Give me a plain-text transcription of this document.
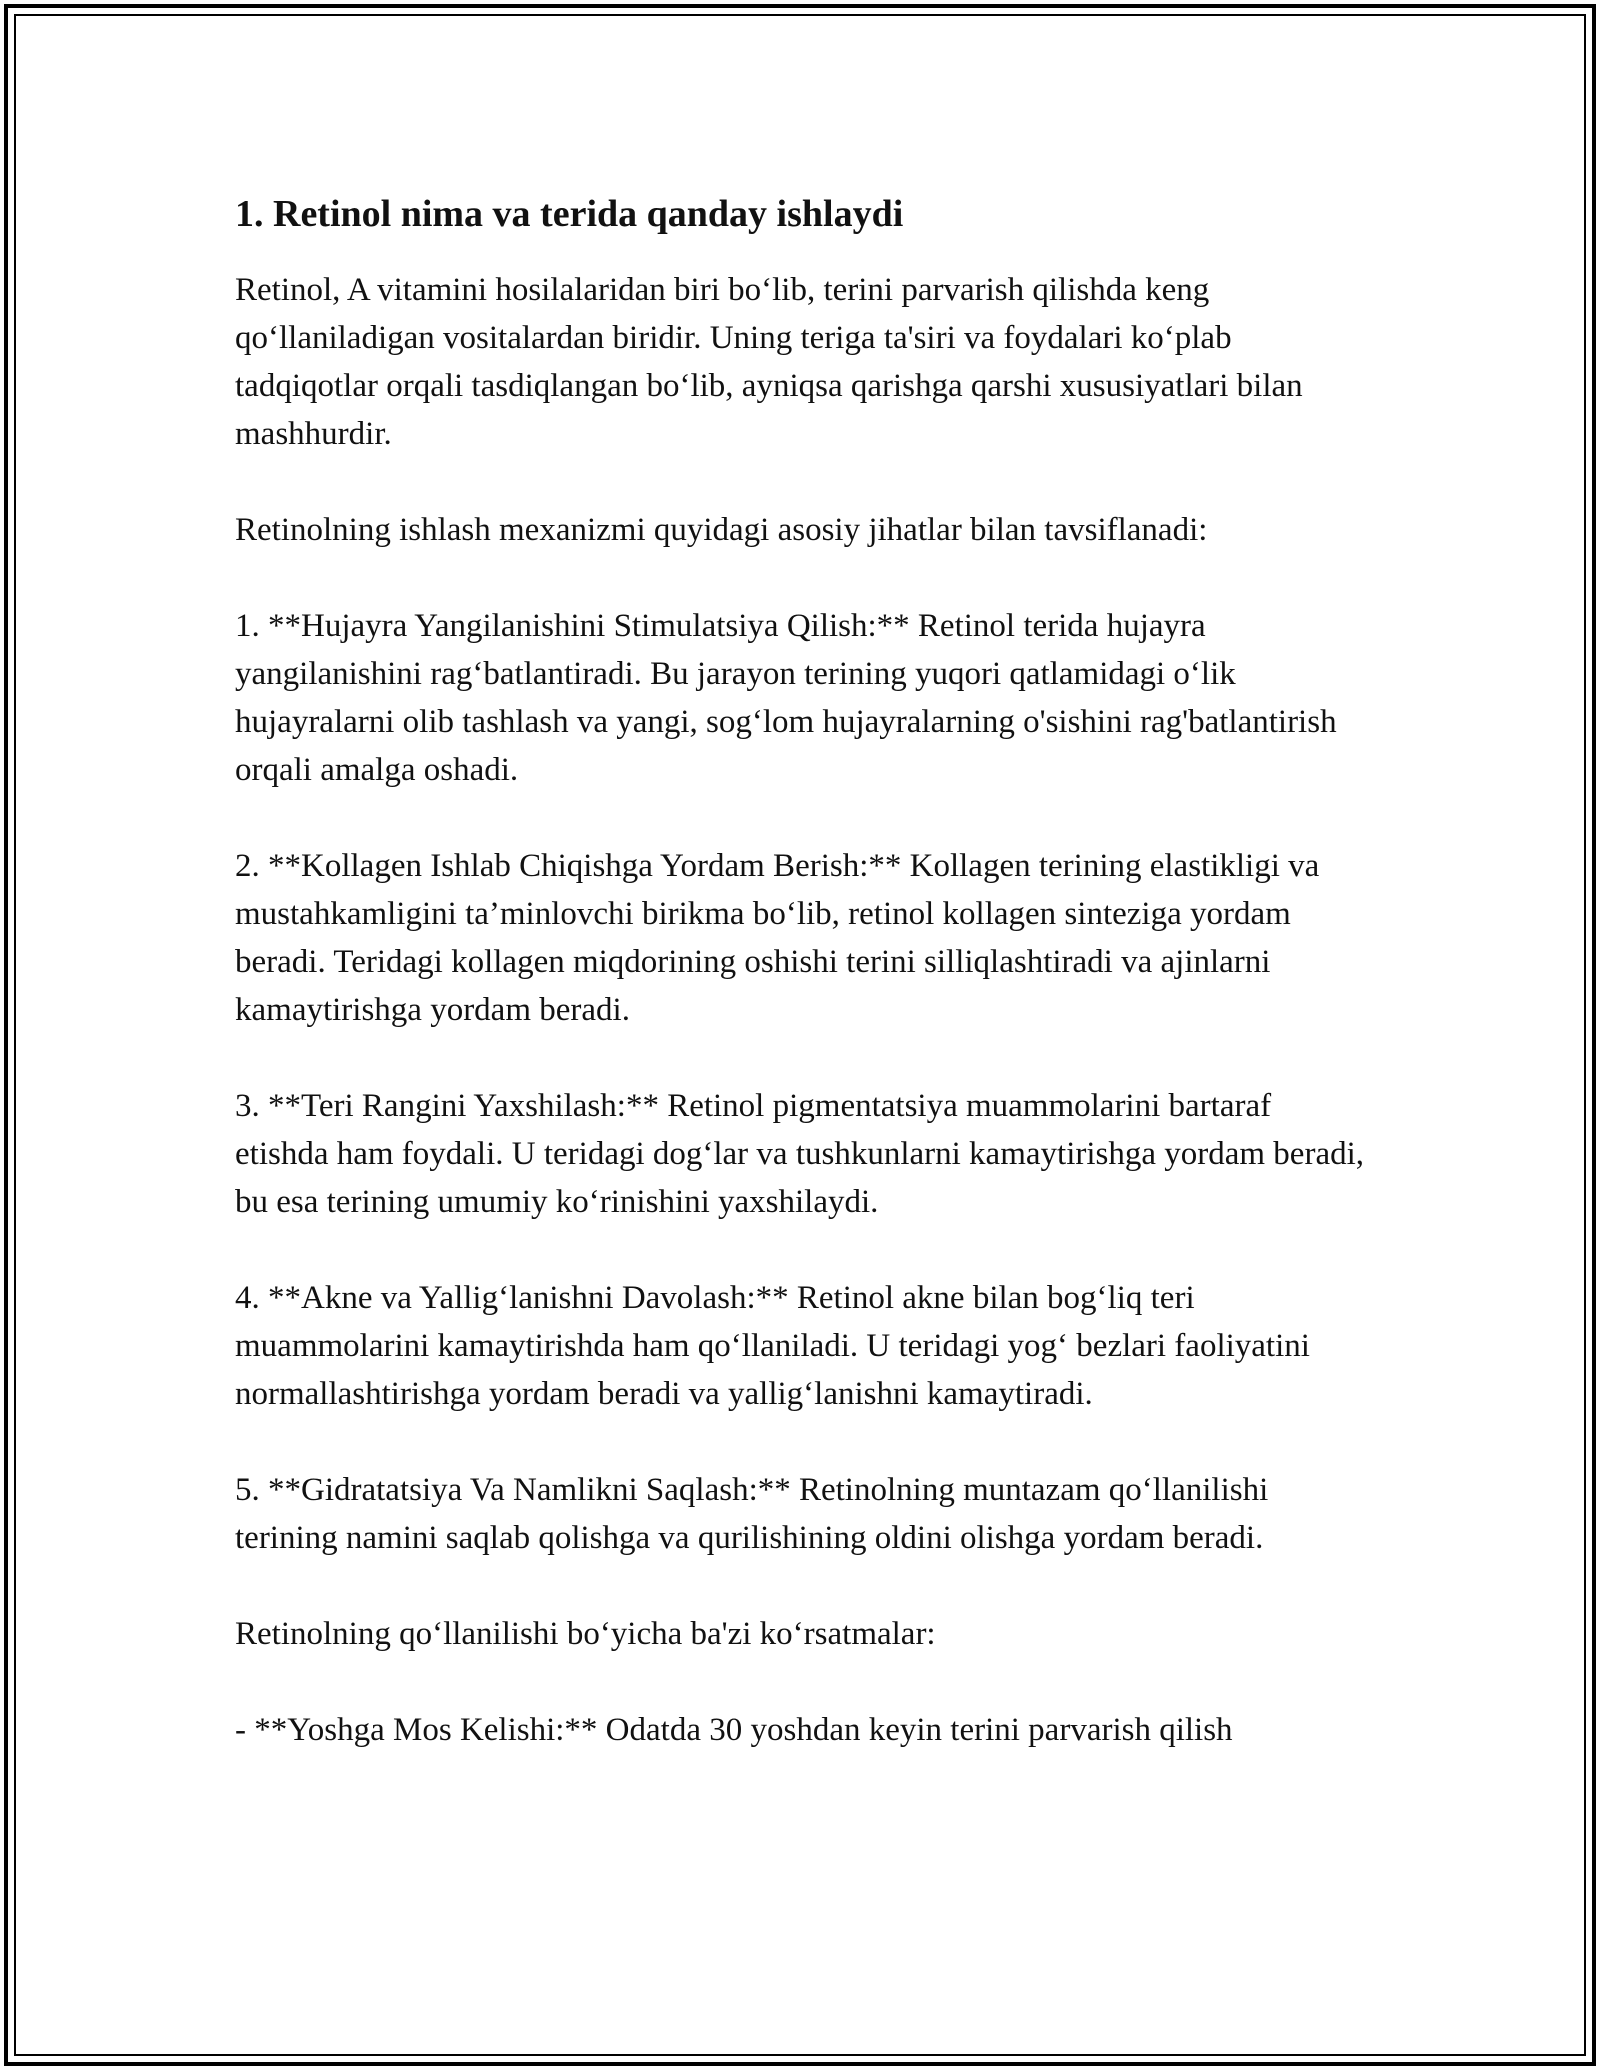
1. Retinol nima va terida qanday ishlaydi

Retinol, A vitamini hosilalaridan biri bo‘lib, terini parvarish qilishda keng qo‘llaniladigan vositalardan biridir. Uning teriga ta'siri va foydalari ko‘plab tadqiqotlar orqali tasdiqlangan bo‘lib, ayniqsa qarishga qarshi xususiyatlari bilan mashhurdir.

Retinolning ishlash mexanizmi quyidagi asosiy jihatlar bilan tavsiflanadi:

1. **Hujayra Yangilanishini Stimulatsiya Qilish:** Retinol terida hujayra yangilanishini rag‘batlantiradi. Bu jarayon terining yuqori qatlamidagi o‘lik hujayralarni olib tashlash va yangi, sog‘lom hujayralarning o'sishini rag'batlantirish orqali amalga oshadi.

2. **Kollagen Ishlab Chiqishga Yordam Berish:** Kollagen terining elastikligi va mustahkamligini ta’minlovchi birikma bo‘lib, retinol kollagen sinteziga yordam beradi. Teridagi kollagen miqdorining oshishi terini silliqlashtiradi va ajinlarni kamaytirishga yordam beradi.

3. **Teri Rangini Yaxshilash:** Retinol pigmentatsiya muammolarini bartaraf etishda ham foydali. U teridagi dog‘lar va tushkunlarni kamaytirishga yordam beradi, bu esa terining umumiy ko‘rinishini yaxshilaydi.

4. **Akne va Yallig‘lanishni Davolash:** Retinol akne bilan bog‘liq teri muammolarini kamaytirishda ham qo‘llaniladi. U teridagi yog‘ bezlari faoliyatini normallashtirishga yordam beradi va yallig‘lanishni kamaytiradi.

5. **Gidratatsiya Va Namlikni Saqlash:** Retinolning muntazam qo‘llanilishi terining namini saqlab qolishga va qurilishining oldini olishga yordam beradi.

Retinolning qo‘llanilishi bo‘yicha ba'zi ko‘rsatmalar:

- **Yoshga Mos Kelishi:** Odatda 30 yoshdan keyin terini parvarish qilish
